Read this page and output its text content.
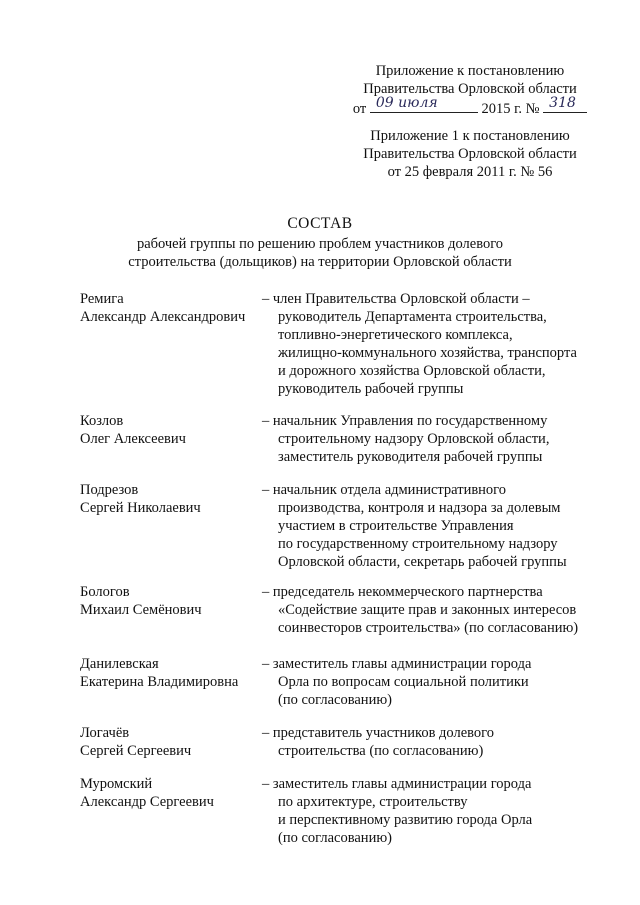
Приложение к постановлению
Правительства Орловской области
от 09 июля	2015 г. № 318
Приложение 1 к постановлению
Правительства Орловской области
от 25 февраля 2011 г. № 56
СОСТАВ
рабочей группы по решению проблем участников долевого
строительства (дольщиков) на территории Орловской области
Ремига
Александр Александрович
– член Правительства Орловской области –
руководитель Департамента строительства,
топливно-энергетического комплекса,
жилищно-коммунального хозяйства, транспорта
и дорожного хозяйства Орловской области,
руководитель рабочей группы
Козлов
Олег Алексеевич
– начальник Управления по государственному
строительному надзору Орловской области,
заместитель руководителя рабочей группы
Подрезов
Сергей Николаевич
– начальник отдела административного
производства, контроля и надзора за долевым
участием в строительстве Управления
по государственному строительному надзору
Орловской области, секретарь рабочей группы
Бологов
Михаил Семёнович
– председатель некоммерческого партнерства
«Содействие защите прав и законных интересов
соинвесторов строительства» (по согласованию)
Данилевская
Екатерина Владимировна
– заместитель главы администрации города
Орла по вопросам социальной политики
(по согласованию)
Логачёв
Сергей Сергеевич
– представитель участников долевого
строительства (по согласованию)
Муромский
Александр Сергеевич
– заместитель главы администрации города
по архитектуре, строительству
и перспективному развитию города Орла
(по согласованию)
